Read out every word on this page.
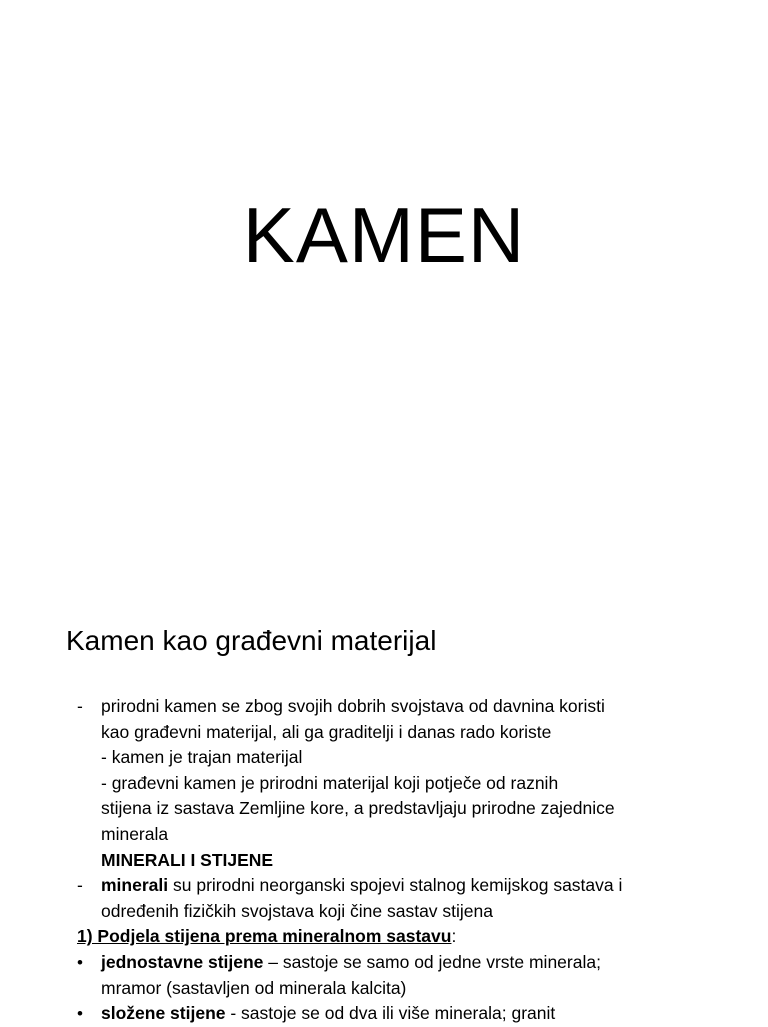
KAMEN
Kamen kao građevni materijal
- prirodni kamen se zbog svojih dobrih svojstava od davnina koristi
kao građevni materijal, ali ga graditelji i danas rado koriste
- kamen je trajan materijal
- građevni kamen je prirodni materijal koji potječe od raznih
stijena iz sastava Zemljine kore, a predstavljaju prirodne zajednice
minerala
MINERALI I STIJENE
- minerali su prirodni neorganski spojevi stalnog kemijskog sastava i
određenih fizičkih svojstava koji čine sastav stijena
1) Podjela stijena prema mineralnom sastavu:
• jednostavne stijene – sastoje se samo od jedne vrste minerala;
mramor (sastavljen od minerala kalcita)
• složene stijene - sastoje se od dva ili više minerala; granit
